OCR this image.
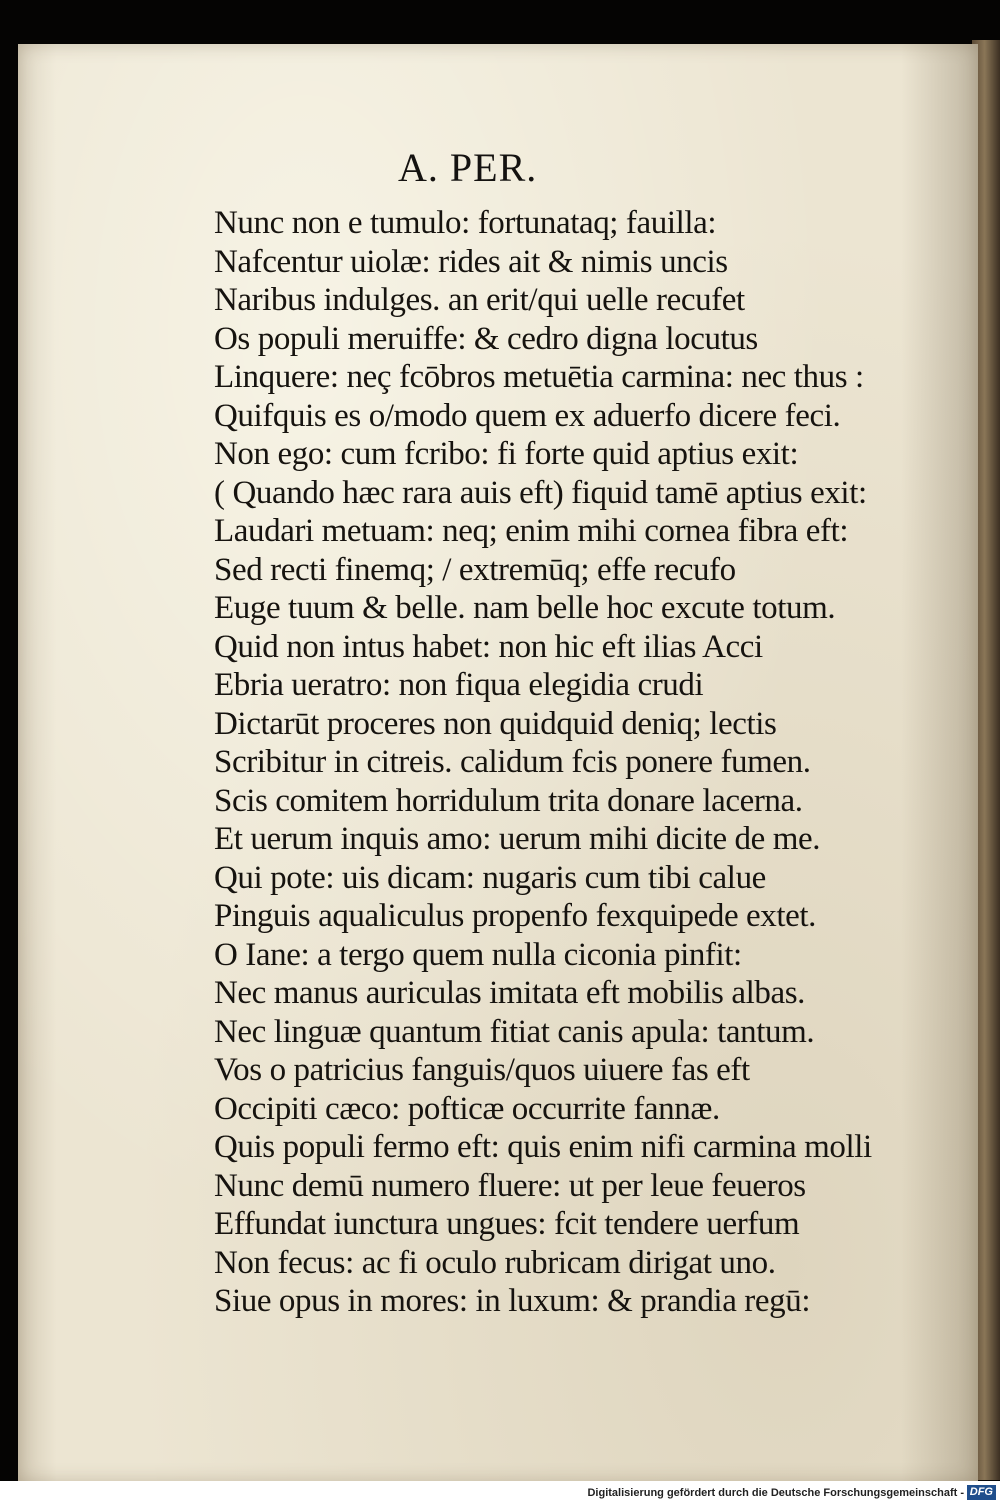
A. PER.
Nunc non e tumulo: fortunataq; fauilla:
Nafcentur uiolæ: rides ait & nimis uncis
Naribus indulges. an erit/qui uelle recufet
Os populi meruiffe: & cedro digna locutus
Linquere: neç fcōbros metuētia carmina: nec thus :
Quifquis es o/modo quem ex aduerfo dicere feci.
Non ego: cum fcribo: fi forte quid aptius exit:
( Quando hæc rara auis eft) fiquid tamē aptius exit:
Laudari metuam: neq; enim mihi cornea fibra eft:
Sed recti finemq; / extremūq; effe recufo
Euge tuum & belle. nam belle hoc excute totum.
Quid non intus habet: non hic eft ilias Acci
Ebria ueratro: non fiqua elegidia crudi
Dictarūt proceres non quidquid deniq; lectis
Scribitur in citreis. calidum fcis ponere fumen.
Scis comitem horridulum trita donare lacerna.
Et uerum inquis amo: uerum mihi dicite de me.
Qui pote: uis dicam: nugaris cum tibi calue
Pinguis aqualiculus propenfo fexquipede extet.
O Iane: a tergo quem nulla ciconia pinfit:
Nec manus auriculas imitata eft mobilis albas.
Nec linguæ quantum fitiat canis apula: tantum.
Vos o patricius fanguis/quos uiuere fas eft
Occipiti cæco: pofticæ occurrite fannæ.
Quis populi fermo eft: quis enim nifi carmina molli
Nunc demū numero fluere: ut per leue feueros
Effundat iunctura ungues: fcit tendere uerfum
Non fecus: ac fi oculo rubricam dirigat uno.
Siue opus in mores: in luxum: & prandia regū:
Digitalisierung gefördert durch die Deutsche Forschungsgemeinschaft - DFG
